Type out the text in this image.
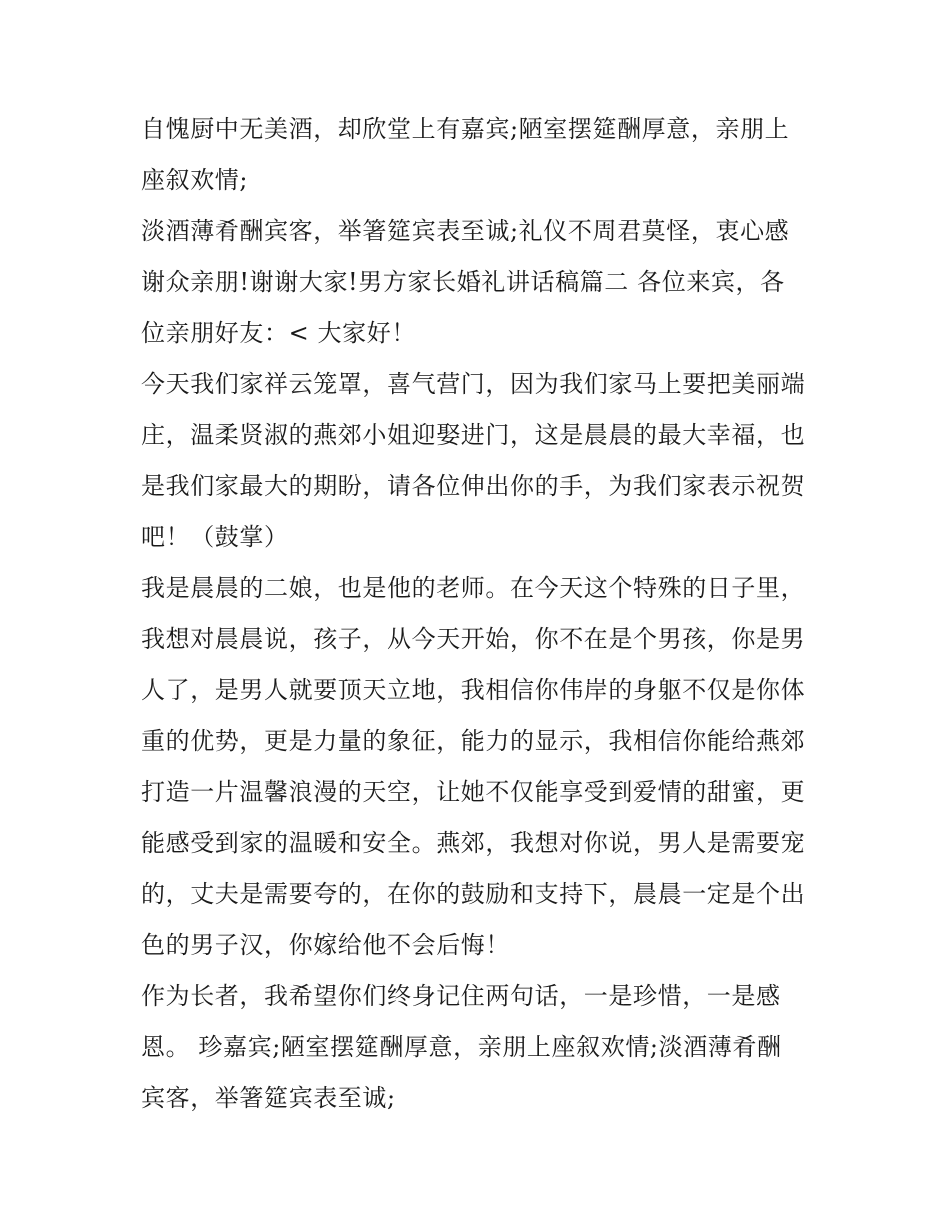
自愧厨中无美酒，却欣堂上有嘉宾;陋室摆筵酬厚意，亲朋上
座叙欢情;
淡酒薄肴酬宾客，举箸筵宾表至诚;礼仪不周君莫怪，衷心感
谢众亲朋!谢谢大家!男方家长婚礼讲话稿篇二 各位来宾，各
位亲朋好友：< 大家好！
今天我们家祥云笼罩，喜气营门，因为我们家马上要把美丽端
庄，温柔贤淑的燕郊小姐迎娶进门，这是晨晨的最大幸福，也
是我们家最大的期盼，请各位伸出你的手，为我们家表示祝贺
吧！（鼓掌）
我是晨晨的二娘，也是他的老师。在今天这个特殊的日子里，
我想对晨晨说，孩子，从今天开始，你不在是个男孩，你是男
人了，是男人就要顶天立地，我相信你伟岸的身躯不仅是你体
重的优势，更是力量的象征，能力的显示，我相信你能给燕郊
打造一片温馨浪漫的天空，让她不仅能享受到爱情的甜蜜，更
能感受到家的温暖和安全。燕郊，我想对你说，男人是需要宠
的，丈夫是需要夸的，在你的鼓励和支持下，晨晨一定是个出
色的男子汉，你嫁给他不会后悔！
作为长者，我希望你们终身记住两句话，一是珍惜，一是感
恩。 珍嘉宾;陋室摆筵酬厚意，亲朋上座叙欢情;淡酒薄肴酬
宾客，举箸筵宾表至诚;
